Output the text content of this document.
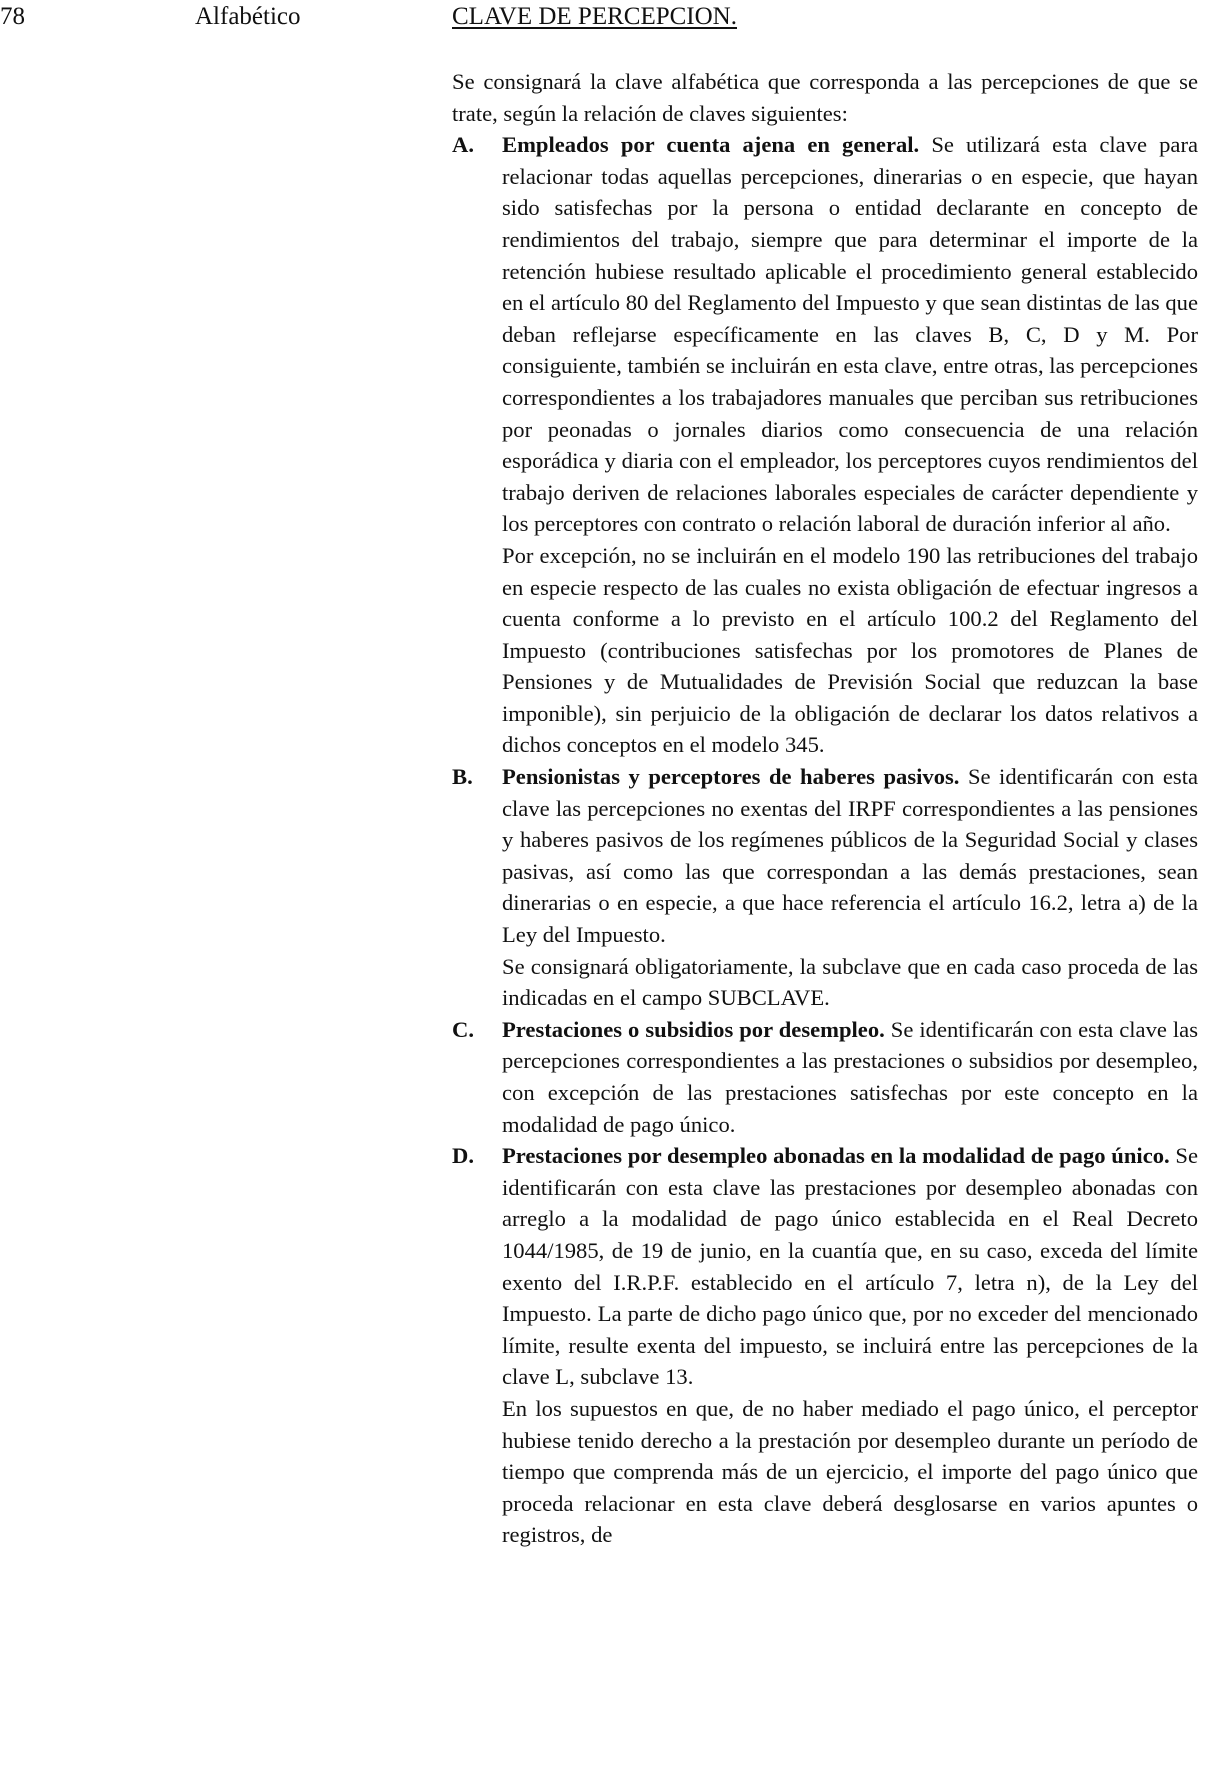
78	Alfabético	CLAVE DE PERCEPCION.

Se consignará la clave alfabética que corresponda a las percepciones de que se trate, según la relación de claves siguientes:

A. Empleados por cuenta ajena en general. Se utilizará esta clave para relacionar todas aquellas percepciones, dinerarias o en especie, que hayan sido satisfechas por la persona o entidad declarante en concepto de rendimientos del trabajo, siempre que para determinar el importe de la retención hubiese resultado aplicable el procedimiento general establecido en el artículo 80 del Reglamento del Impuesto y que sean distintas de las que deban reflejarse específicamente en las claves B, C, D y M. Por consiguiente, también se incluirán en esta clave, entre otras, las percepciones correspondientes a los trabajadores manuales que perciban sus retribuciones por peonadas o jornales diarios como consecuencia de una relación esporádica y diaria con el empleador, los perceptores cuyos rendimientos del trabajo deriven de relaciones laborales especiales de carácter dependiente y los perceptores con contrato o relación laboral de duración inferior al año.

Por excepción, no se incluirán en el modelo 190 las retribuciones del trabajo en especie respecto de las cuales no exista obligación de efectuar ingresos a cuenta conforme a lo previsto en el artículo 100.2 del Reglamento del Impuesto (contribuciones satisfechas por los promotores de Planes de Pensiones y de Mutualidades de Previsión Social que reduzcan la base imponible), sin perjuicio de la obligación de declarar los datos relativos a dichos conceptos en el modelo 345.

B. Pensionistas y perceptores de haberes pasivos. Se identificarán con esta clave las percepciones no exentas del IRPF correspondientes a las pensiones y haberes pasivos de los regímenes públicos de la Seguridad Social y clases pasivas, así como las que correspondan a las demás prestaciones, sean dinerarias o en especie, a que hace referencia el artículo 16.2, letra a) de la Ley del Impuesto.

Se consignará obligatoriamente, la subclave que en cada caso proceda de las indicadas en el campo SUBCLAVE.

C. Prestaciones o subsidios por desempleo. Se identificarán con esta clave las percepciones correspondientes a las prestaciones o subsidios por desempleo, con excepción de las prestaciones satisfechas por este concepto en la modalidad de pago único.

D. Prestaciones por desempleo abonadas en la modalidad de pago único. Se identificarán con esta clave las prestaciones por desempleo abonadas con arreglo a la modalidad de pago único establecida en el Real Decreto 1044/1985, de 19 de junio, en la cuantía que, en su caso, exceda del límite exento del I.R.P.F. establecido en el artículo 7, letra n), de la Ley del Impuesto. La parte de dicho pago único que, por no exceder del mencionado límite, resulte exenta del impuesto, se incluirá entre las percepciones de la clave L, subclave 13.

En los supuestos en que, de no haber mediado el pago único, el perceptor hubiese tenido derecho a la prestación por desempleo durante un período de tiempo que comprenda más de un ejercicio, el importe del pago único que proceda relacionar en esta clave deberá desglosarse en varios apuntes o registros, de
